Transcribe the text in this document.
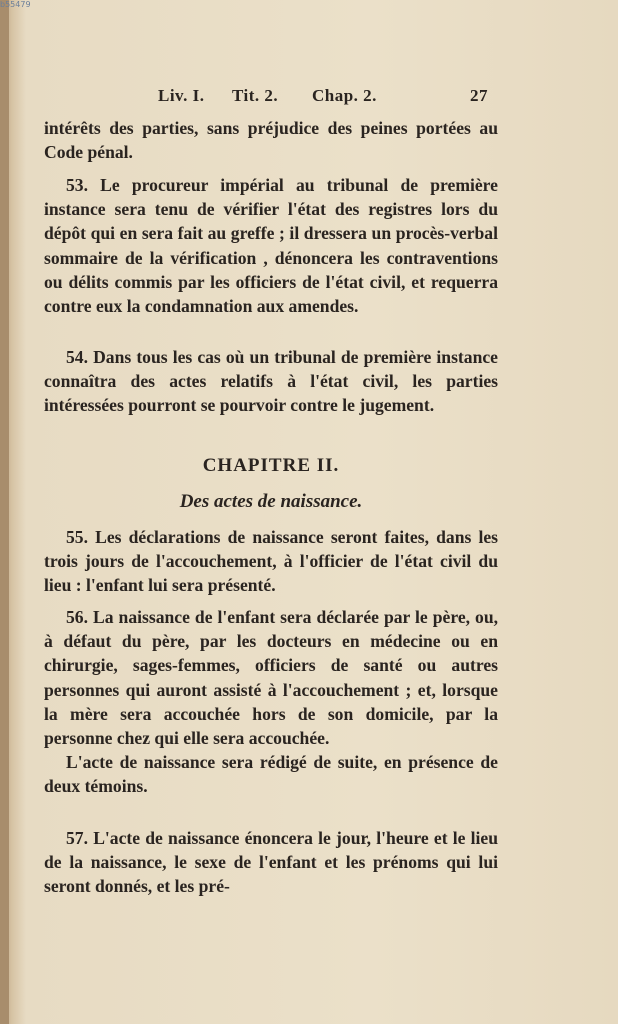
b55479
Liv. I. Tit. 2. Chap. 2.	27

intérêts des parties, sans préjudice des peines portées au Code pénal.

53. Le procureur impérial au tribunal de première instance sera tenu de vérifier l'état des registres lors du dépôt qui en sera fait au greffe ; il dressera un procès-verbal sommaire de la vérification , dénoncera les contraventions ou délits commis par les officiers de l'état civil, et requerra contre eux la condamnation aux amendes.

54. Dans tous les cas où un tribunal de première instance connaîtra des actes relatifs à l'état civil, les parties intéressées pourront se pourvoir contre le jugement.

CHAPITRE II.
Des actes de naissance.

55. Les déclarations de naissance seront faites, dans les trois jours de l'accouchement, à l'officier de l'état civil du lieu : l'enfant lui sera présenté.

56. La naissance de l'enfant sera déclarée par le père, ou, à défaut du père, par les docteurs en médecine ou en chirurgie, sages-femmes, officiers de santé ou autres personnes qui auront assisté à l'accouchement ; et, lorsque la mère sera accouchée hors de son domicile, par la personne chez qui elle sera accouchée.

L'acte de naissance sera rédigé de suite, en présence de deux témoins.

57. L'acte de naissance énoncera le jour, l'heure et le lieu de la naissance, le sexe de l'enfant et les prénoms qui lui seront donnés, et les pré-
